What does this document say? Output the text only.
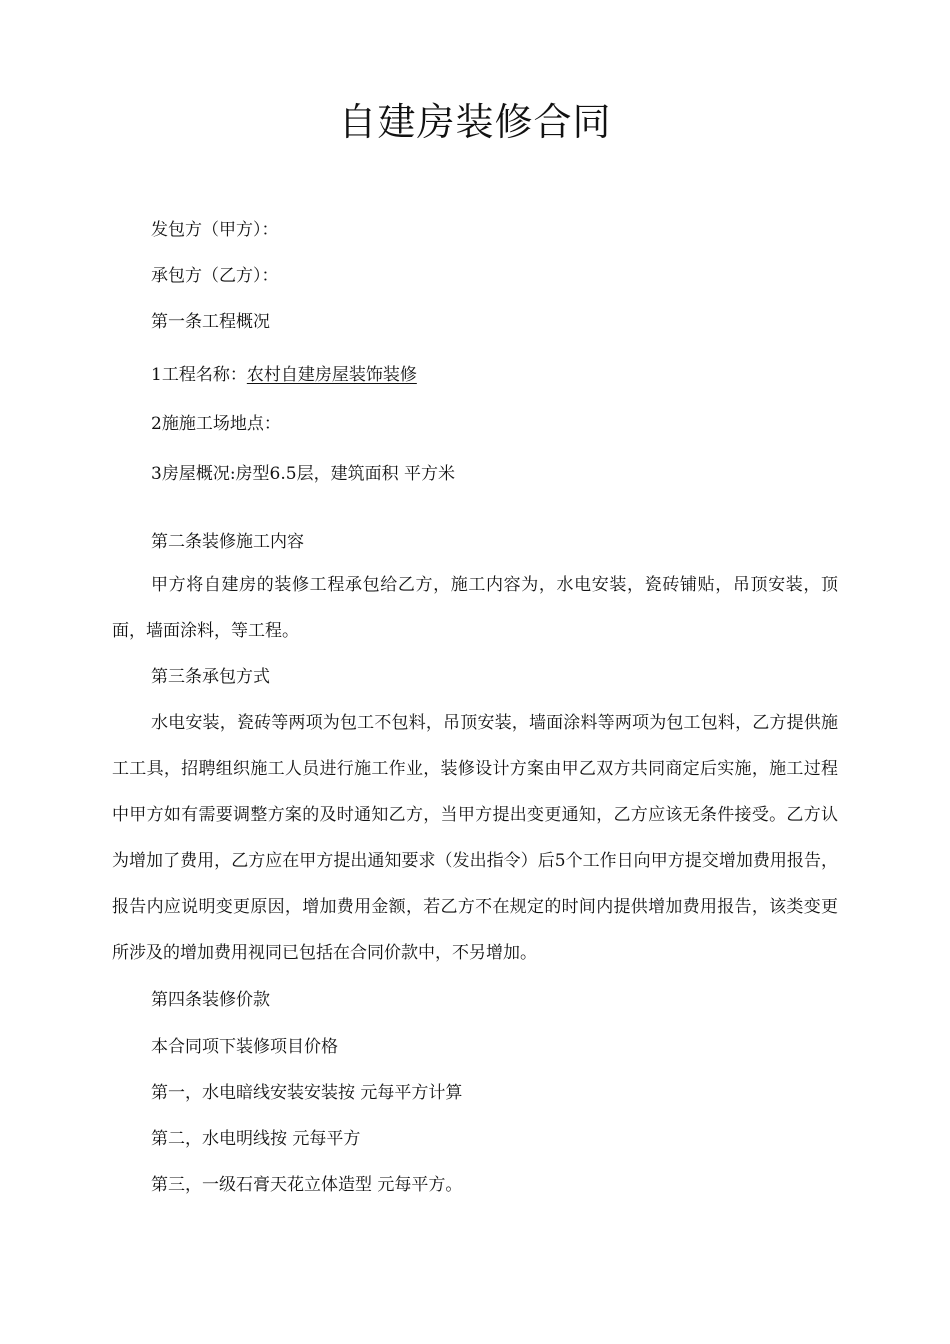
自建房装修合同

发包方（甲方）：

承包方（乙方）：

第一条工程概况

1工程名称：农村自建房屋装饰装修

2施施工场地点：

3房屋概况:房型6.5层，建筑面积 平方米

第二条装修施工内容

甲方将自建房的装修工程承包给乙方，施工内容为，水电安装，瓷砖铺贴，吊顶安装，顶面，墙面涂料，等工程。

第三条承包方式

水电安装，瓷砖等两项为包工不包料，吊顶安装，墙面涂料等两项为包工包料，乙方提供施工工具，招聘组织施工人员进行施工作业，装修设计方案由甲乙双方共同商定后实施，施工过程中甲方如有需要调整方案的及时通知乙方，当甲方提出变更通知，乙方应该无条件接受。乙方认为增加了费用，乙方应在甲方提出通知要求（发出指令）后5个工作日向甲方提交增加费用报告，报告内应说明变更原因，增加费用金额，若乙方不在规定的时间内提供增加费用报告，该类变更所涉及的增加费用视同已包括在合同价款中，不另增加。

第四条装修价款

本合同项下装修项目价格

第一，水电暗线安装安装按 元每平方计算

第二，水电明线按 元每平方

第三，一级石膏天花立体造型 元每平方。
